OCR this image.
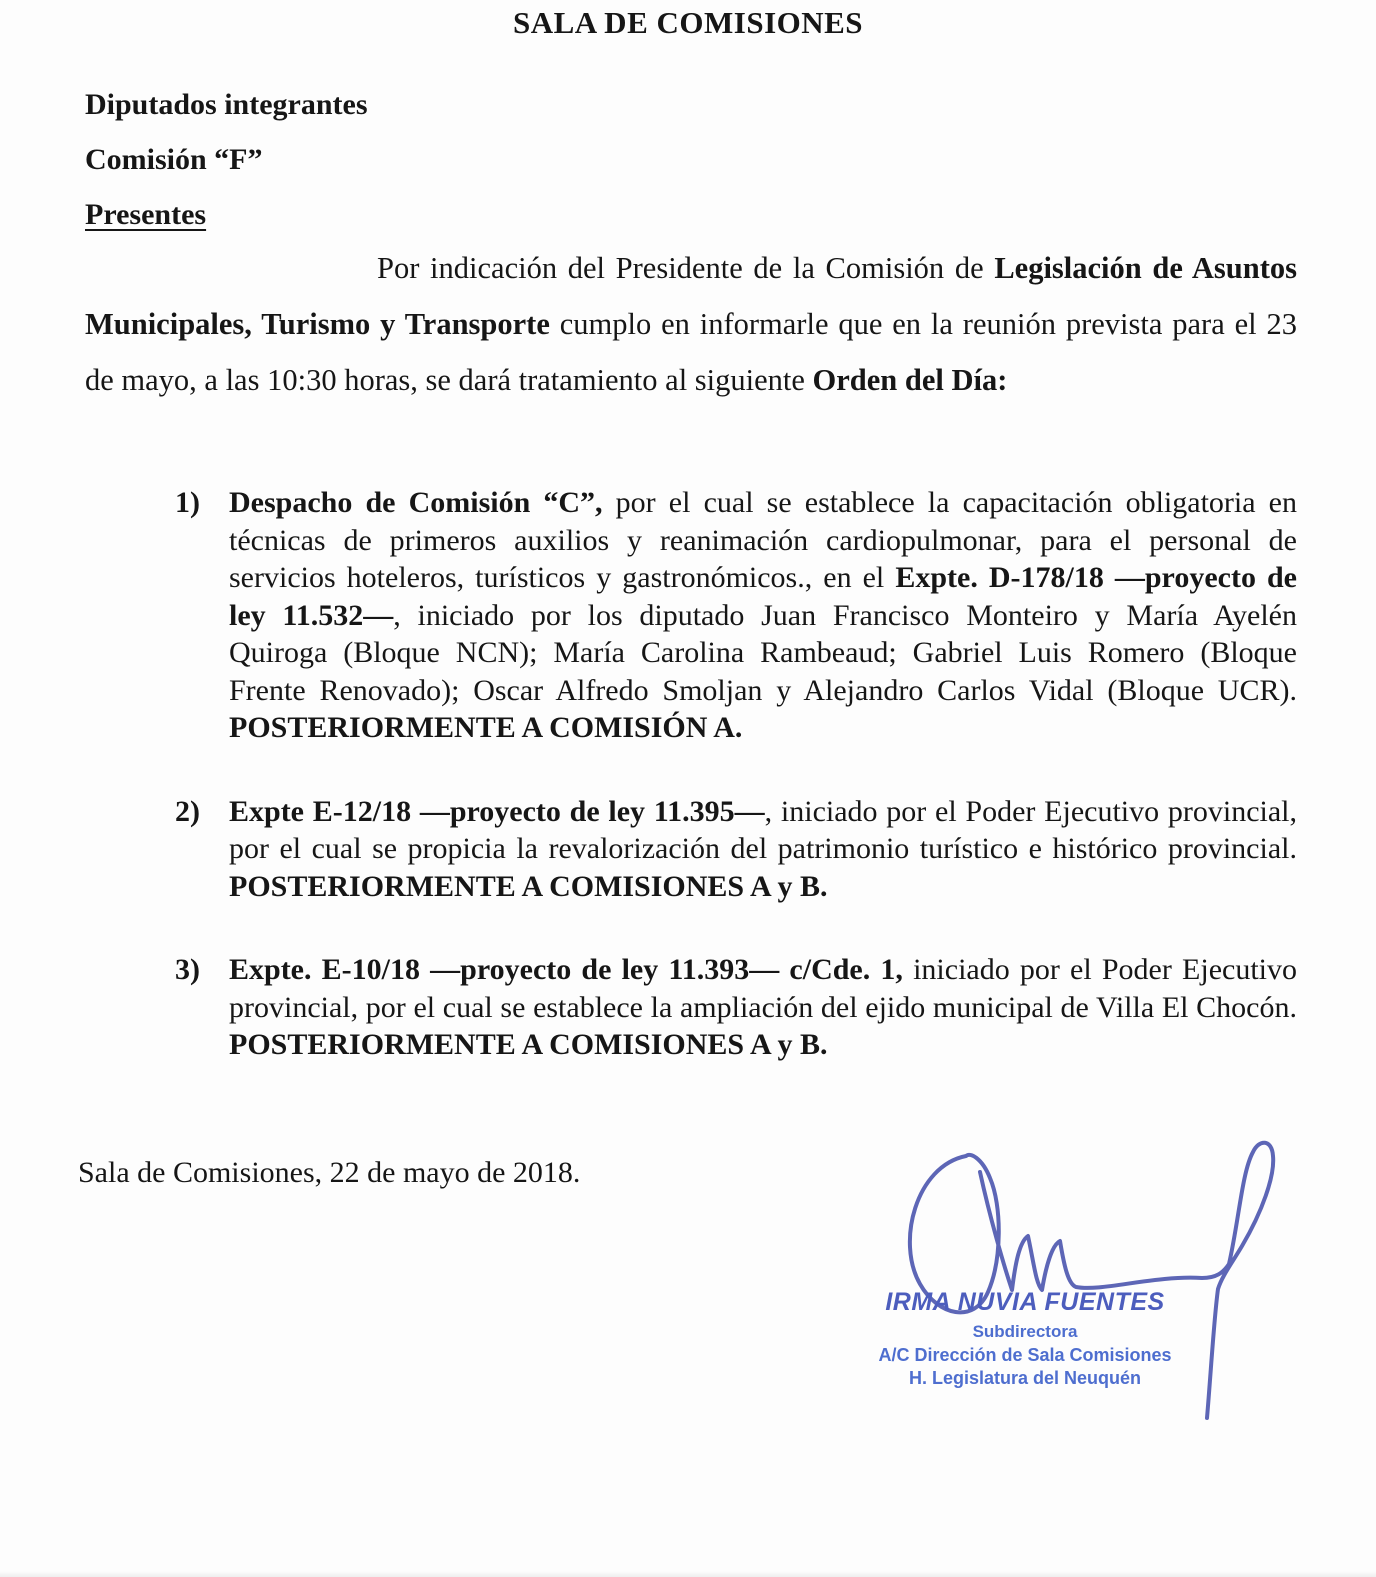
SALA DE COMISIONES
Diputados integrantes
Comisión “F”
Presentes

Por indicación del Presidente de la Comisión de Legislación de Asuntos Municipales, Turismo y Transporte cumplo en informarle que en la reunión prevista para el 23 de mayo, a las 10:30 horas, se dará tratamiento al siguiente Orden del Día:

1) Despacho de Comisión “C”, por el cual se establece la capacitación obligatoria en técnicas de primeros auxilios y reanimación cardiopulmonar, para el personal de servicios hoteleros, turísticos y gastronómicos., en el Expte. D-178/18 —proyecto de ley 11.532—, iniciado por los diputado Juan Francisco Monteiro y María Ayelén Quiroga (Bloque NCN); María Carolina Rambeaud; Gabriel Luis Romero (Bloque Frente Renovado); Oscar Alfredo Smoljan y Alejandro Carlos Vidal (Bloque UCR). POSTERIORMENTE A COMISIÓN A.
2) Expte E-12/18 —proyecto de ley 11.395—, iniciado por el Poder Ejecutivo provincial, por el cual se propicia la revalorización del patrimonio turístico e histórico provincial. POSTERIORMENTE A COMISIONES A y B.
3) Expte. E-10/18 —proyecto de ley 11.393— c/Cde. 1, iniciado por el Poder Ejecutivo provincial, por el cual se establece la ampliación del ejido municipal de Villa El Chocón. POSTERIORMENTE A COMISIONES A y B.
Sala de Comisiones, 22 de mayo de 2018.
IRMA NUVIA FUENTES
Subdirectora
A/C Dirección de Sala Comisiones
H. Legislatura del Neuquén
